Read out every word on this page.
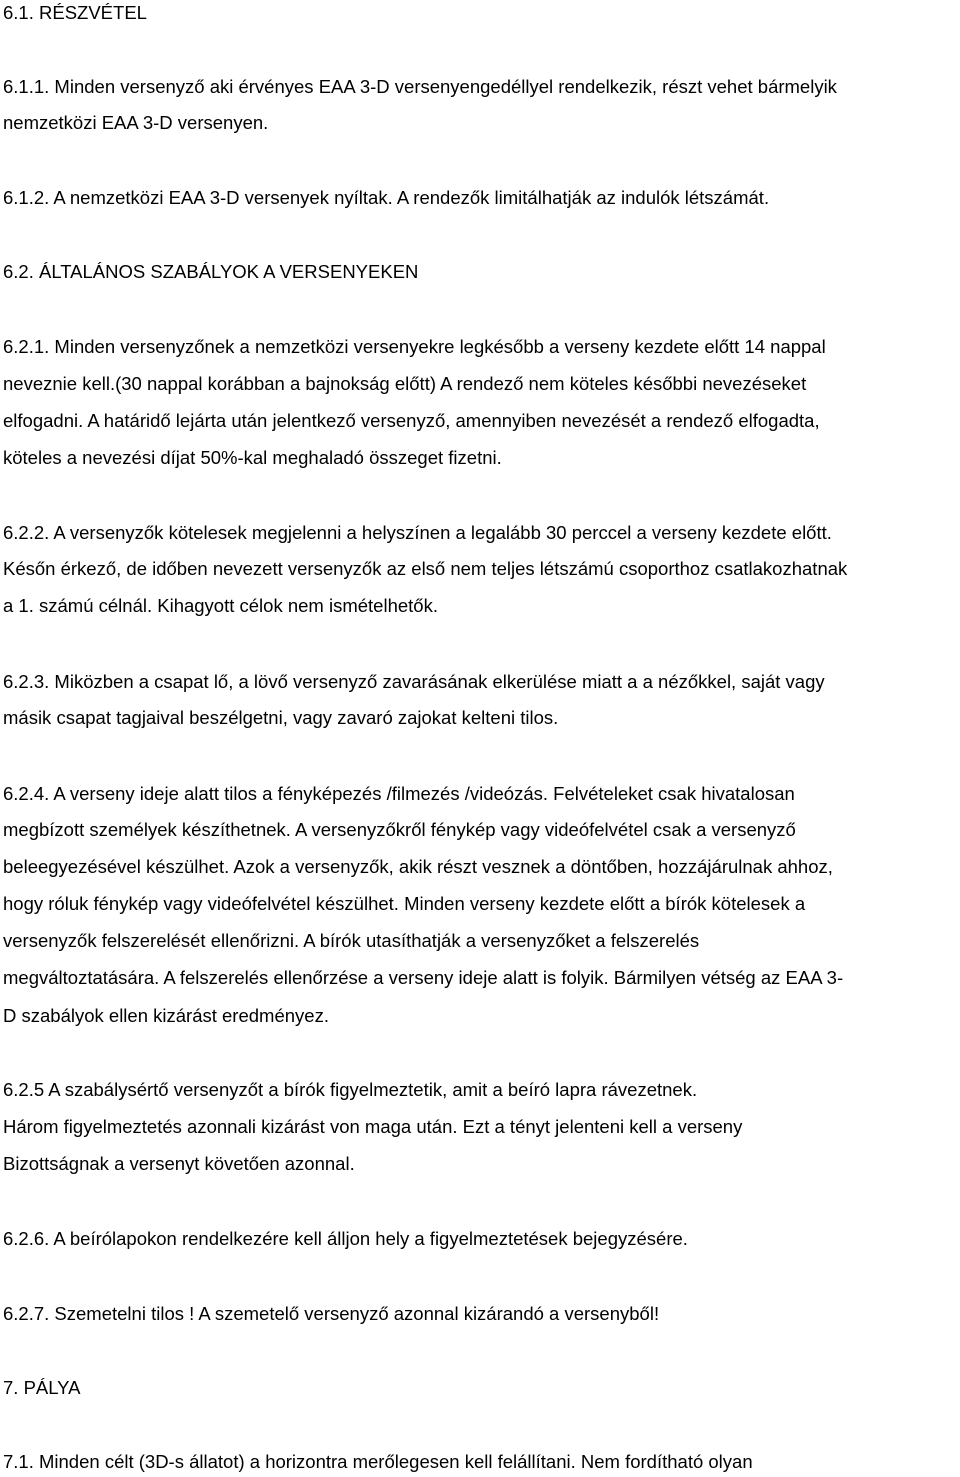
6.1. RÉSZVÉTEL
6.1.1. Minden versenyző aki érvényes EAA 3-D versenyengedéllyel rendelkezik, részt vehet bármelyik
nemzetközi EAA 3-D versenyen.
6.1.2. A nemzetközi EAA 3-D versenyek nyíltak. A rendezők limitálhatják az indulók létszámát.
6.2. ÁLTALÁNOS SZABÁLYOK A VERSENYEKEN
6.2.1. Minden versenyzőnek a nemzetközi versenyekre legkésőbb a verseny kezdete előtt 14 nappal
neveznie kell.(30 nappal korábban a bajnokság előtt) A rendező nem köteles későbbi nevezéseket
elfogadni. A határidő lejárta után jelentkező versenyző, amennyiben nevezését a rendező elfogadta,
köteles a nevezési díjat 50%-kal meghaladó összeget fizetni.
6.2.2. A versenyzők kötelesek megjelenni a helyszínen a legalább 30 perccel a verseny kezdete előtt.
Későn érkező, de időben nevezett versenyzők az első nem teljes létszámú csoporthoz csatlakozhatnak
a 1. számú célnál. Kihagyott célok nem ismételhetők.
6.2.3. Miközben a csapat lő, a lövő versenyző zavarásának elkerülése miatt a a nézőkkel, saját vagy
másik csapat tagjaival beszélgetni, vagy zavaró zajokat kelteni tilos.
6.2.4. A verseny ideje alatt tilos a fényképezés /filmezés /videózás. Felvételeket csak hivatalosan
megbízott személyek készíthetnek. A versenyzőkről fénykép vagy videófelvétel csak a versenyző
beleegyezésével készülhet. Azok a versenyzők, akik részt vesznek a döntőben, hozzájárulnak ahhoz,
hogy róluk fénykép vagy videófelvétel készülhet. Minden verseny kezdete előtt a bírók kötelesek a
versenyzők felszerelését ellenőrizni. A bírók utasíthatják a versenyzőket a felszerelés
megváltoztatására. A felszerelés ellenőrzése a verseny ideje alatt is folyik. Bármilyen vétség az EAA 3-
D szabályok ellen kizárást eredményez.
6.2.5 A szabálysértő versenyzőt a bírók figyelmeztetik, amit a beíró lapra rávezetnek.
Három figyelmeztetés azonnali kizárást von maga után. Ezt a tényt jelenteni kell a verseny
Bizottságnak a versenyt követően azonnal.
6.2.6. A beírólapokon rendelkezére kell álljon hely a figyelmeztetések bejegyzésére.
6.2.7. Szemetelni tilos ! A szemetelő versenyző azonnal kizárandó a versenyből!
7. PÁLYA
7.1. Minden célt (3D-s állatot) a horizontra merőlegesen kell felállítani. Nem fordítható olyan
